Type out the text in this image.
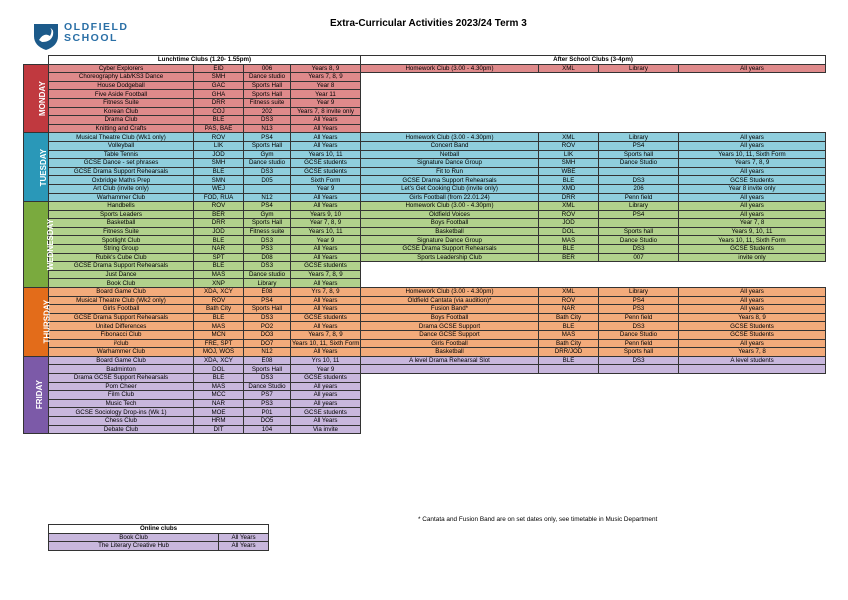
OLDFIELD
SCHOOL
Extra-Curricular Activities 2023/24 Term 3
	Lunchtime Clubs (1.20- 1.55pm)				After School Clubs (3-4pm)			
MONDAY	Cyber Explorers	EID	006	Years 8, 9	Homework Club (3.00 - 4.30pm)	XML	Library	All years
	Choreography Lab/KS3 Dance	SMH	Dance studio	Years 7, 8, 9				
	House Dodgeball	GAC	Sports Hall	Year 8				
	Five Aside Football	GHA	Sports Hall	Year 11				
	Fitness Suite	DRR	Fitness suite	Year 9				
	Korean Club	COJ	202	Years 7, 8 invite only				
	Drama Club	BLE	DS3	All Years				
	Knitting and Crafts	PAS, BAE	N13	All Years				
TUESDAY	Musical Theatre Club (Wk1 only)	ROV	PS4	All Years	Homework Club (3.00 - 4.30pm)	XML	Library	All years
	Volleyball	LIK	Sports Hall	All Years	Concert Band	ROV	PS4	All years
	Table Tennis	JOD	Gym	Years 10, 11	Netball	LIK	Sports hall	Years 10, 11, Sixth Form
	GCSE Dance - set phrases	SMH	Dance studio	GCSE students	Signature Dance Group	SMH	Dance Studio	Years 7, 8, 9
	GCSE Drama Support Rehearsals	BLE	DS3	GCSE students	Fit to Run	WBE		All years
	Oxbridge Maths Prep	SMN	D05	Sixth Form	GCSE Drama Support Rehearsals	BLE	DS3	GCSE Students
	Art Club (invite only)	WEJ		Year 9	Let's Get Cooking Club (invite only)	XMD	206	Year 8 invite only
	Warhammer Club	FOD, RUA	N12	All Years	Girls Football (from 22.01.24)	DRR	Penn field	All years
WEDNESDAY	Handbells	ROV	PS4	All Years	Homework Club (3.00 - 4.30pm)	XML	Library	All years
	Sports Leaders	BER	Gym	Years 9, 10	Oldfield Voices	ROV	PS4	All years
	Basketball	DRR	Sports Hall	Year 7, 8, 9	Boys Football	JOD		Year 7, 8
	Fitness Suite	JOD	Fitness suite	Years 10, 11	Basketball	DOL	Sports hall	Years 9, 10, 11
	Spotlight Club	BLE	DS3	Year 9	Signature Dance Group	MAS	Dance Studio	Years 10, 11, Sixth Form
	String Group	NAR	PS3	All Years	GCSE Drama Support Rehearsals	BLE	DS3	GCSE Students
	Rubik's Cube Club	SPT	D08	All Years	Sports Leadership Club	BER	007	invite only
	GCSE Drama Support Rehearsals	BLE	DS3	GCSE students				
	Just Dance	MAS	Dance studio	Years 7, 8, 9				
	Book Club	XNP	Library	All Years				
THURSDAY	Board Game Club	XDA, XCY	E08	Yrs 7, 8, 9	Homework Club (3.00 - 4.30pm)	XML	Library	All years
	Musical Theatre Club (Wk2 only)	ROV	PS4	All Years	Oldfield Cantata (via audition)*	ROV	PS4	All years
	Girls Football	Bath City	Sports Hall	All Years	Fusion Band*	NAR	PS3	All years
	GCSE Drama Support Rehearsals	BLE	DS3	GCSE students	Boys Football	Bath City	Penn field	Years 8, 9
	United Differences	MAS	PO2	All Years	Drama GCSE Support	BLE	DS3	GCSE Students
	Fibonacci Club	MCN	DO3	Years 7, 8, 9	Dance GCSE Support	MAS	Dance Studio	GCSE Students
	i²club	FRE, SPT	DO7	Years 10, 11, Sixth Form	Girls Football	Bath City	Penn field	All years
	Warhammer Club	MOJ, WOS	N12	All Years	Basketball	DRR/JOD	Sports hall	Years 7, 8
FRIDAY	Board Game Club	XDA, XCY	E08	Yrs 10, 11	A level Drama Rehearsal Slot	BLE	DS3	A level students
	Badminton	DOL	Sports Hall	Year 9				
	Drama GCSE Support Rehearsals	BLE	DS3	GCSE students				
	Pom Cheer	MAS	Dance Studio	All years				
	Film Club	MCC	PS7	All years				
	Music Tech	NAR	PS3	All years				
	GCSE Sociology Drop-ins (Wk 1)	MOE	P01	GCSE students				
	Chess Club	HRM	DO5	All Years				
	Debate Club	DIT	104	Via invite				
* Cantata and Fusion Band are on set dates only, see timetable in Music Department
Online clubs	
Book Club	All Years
The Literary Creative Hub	All Years
